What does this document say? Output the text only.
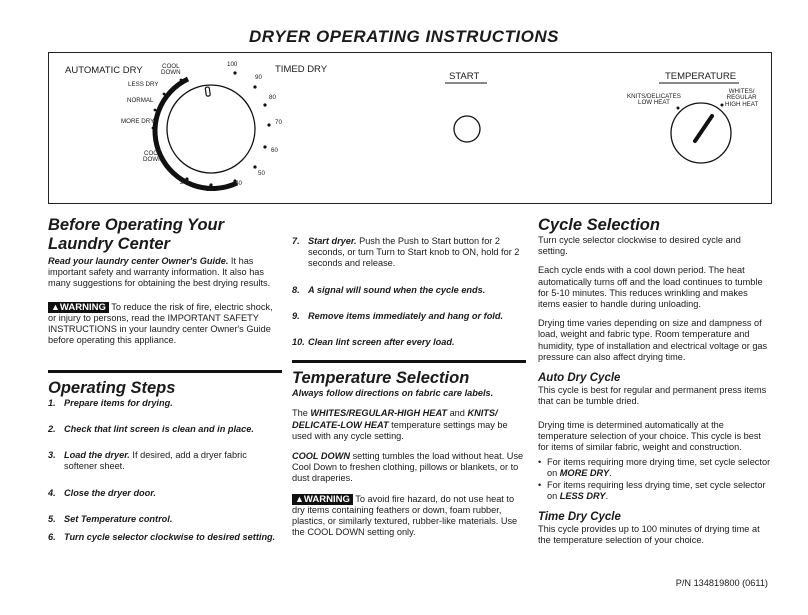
DRYER OPERATING INSTRUCTIONS
AUTOMATIC DRY	TIMED DRY
START	TEMPERATURE
COOL
DOWN
LESS DRY
NORMAL
MORE DRY
COOL
DOWN
100
90
80
70
60
50
40
30
20
KNITS/DELICATES
LOW HEAT
WHITES/
REGULAR
HIGH HEAT
Before Operating Your Laundry Center

Read your laundry center Owner's Guide. It has important safety and warranty information. It also has many suggestions for obtaining the best drying results.

▲WARNING To reduce the risk of fire, electric shock, or injury to persons, read the IMPORTANT SAFETY INSTRUCTIONS in your laundry center Owner's Guide before operating this appliance.

Operating Steps
1. Prepare items for drying.
2. Check that lint screen is clean and in place.
3. Load the dryer. If desired, add a dryer fabric softener sheet.
4. Close the dryer door.
5. Set Temperature control.
6. Turn cycle selector clockwise to desired setting.
7. Start dryer. Push the Push to Start button for 2 seconds, or turn Turn to Start knob to ON, hold for 2 seconds and release.
8. A signal will sound when the cycle ends.
9. Remove items immediately and hang or fold.
10. Clean lint screen after every load.
Temperature Selection

Always follow directions on fabric care labels.

The WHITES/REGULAR-HIGH HEAT and KNITS/ DELICATE-LOW HEAT temperature settings may be used with any cycle setting.

COOL DOWN setting tumbles the load without heat. Use Cool Down to freshen clothing, pillows or blankets, or to dust draperies.

▲WARNING To avoid fire hazard, do not use heat to dry items containing feathers or down, foam rubber, plastics, or similarly textured, rubber-like materials. Use the COOL DOWN setting only.

Cycle Selection

Turn cycle selector clockwise to desired cycle and setting.

Each cycle ends with a cool down period. The heat automatically turns off and the load continues to tumble for 5-10 minutes. This reduces wrinkling and makes items easier to handle during unloading.

Drying time varies depending on size and dampness of load, weight and fabric type. Room temperature and humidity, type of installation and electrical voltage or gas pressure can also affect drying time.

Auto Dry Cycle

This cycle is best for regular and permanent press items that can be tumble dried.

Drying time is determined automatically at the temperature selection of your choice. This cycle is best for items of similar fabric, weight and construction.

• For items requiring more drying time, set cycle selector on MORE DRY.
• For items requiring less drying time, set cycle selector on LESS DRY.
Time Dry Cycle

This cycle provides up to 100 minutes of drying time at the temperature selection of your choice.

P/N 134819800 (0611)
